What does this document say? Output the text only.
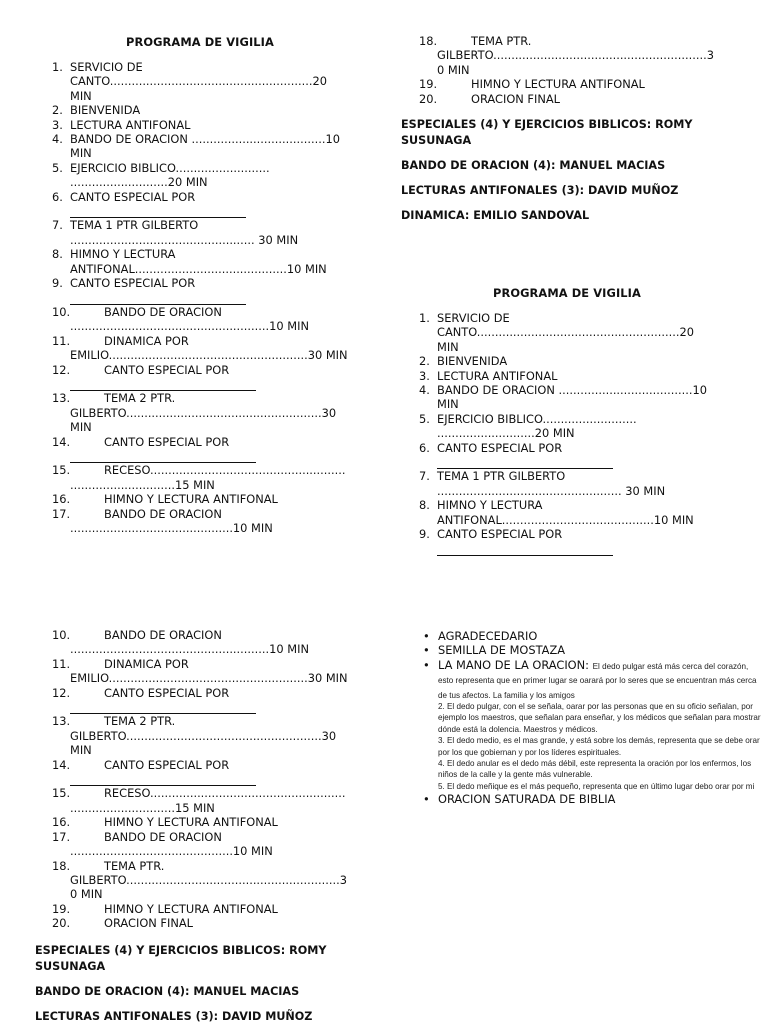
PROGRAMA DE VIGILIA
1. SERVICIO DE
CANTO........................................................20
MIN
2. BIENVENIDA
3. LECTURA ANTIFONAL
4. BANDO DE ORACION .....................................10
MIN
5. EJERCICIO BIBLICO..........................
...........................20 MIN
6. CANTO ESPECIAL POR

7. TEMA 1 PTR GILBERTO
................................................... 30 MIN
8. HIMNO Y LECTURA
ANTIFONAL..........................................10 MIN
9. CANTO ESPECIAL POR

10.	BANDO DE ORACION
.......................................................10 MIN
11.	DINAMICA POR
EMILIO.......................................................30 MIN
12.	CANTO ESPECIAL POR

13.	TEMA 2 PTR.
GILBERTO......................................................30
MIN
14.	CANTO ESPECIAL POR

15.	RECESO......................................................
.............................15 MIN
16.	HIMNO Y LECTURA ANTIFONAL
17.	BANDO DE ORACION
.............................................10 MIN
18.	TEMA PTR.
GILBERTO...........................................................3
0 MIN
19.	HIMNO Y LECTURA ANTIFONAL
20.	ORACION FINAL

ESPECIALES (4) Y EJERCICIOS BIBLICOS: ROMY SUSUNAGA

BANDO DE ORACION (4): MANUEL MACIAS

LECTURAS ANTIFONALES (3): DAVID MUÑOZ

DINAMICA: EMILIO SANDOVAL

PROGRAMA DE VIGILIA
1. SERVICIO DE
CANTO........................................................20
MIN
2. BIENVENIDA
3. LECTURA ANTIFONAL
4. BANDO DE ORACION .....................................10
MIN
5. EJERCICIO BIBLICO..........................
...........................20 MIN
6. CANTO ESPECIAL POR

7. TEMA 1 PTR GILBERTO
................................................... 30 MIN
8. HIMNO Y LECTURA
ANTIFONAL..........................................10 MIN
9. CANTO ESPECIAL POR

10.	BANDO DE ORACION
.......................................................10 MIN
11.	DINAMICA POR
EMILIO.......................................................30 MIN
12.	CANTO ESPECIAL POR

13.	TEMA 2 PTR.
GILBERTO......................................................30
MIN
14.	CANTO ESPECIAL POR

15.	RECESO......................................................
.............................15 MIN
16.	HIMNO Y LECTURA ANTIFONAL
17.	BANDO DE ORACION
.............................................10 MIN
18.	TEMA PTR.
GILBERTO...........................................................3
0 MIN
19.	HIMNO Y LECTURA ANTIFONAL
20.	ORACION FINAL

ESPECIALES (4) Y EJERCICIOS BIBLICOS: ROMY SUSUNAGA

BANDO DE ORACION (4): MANUEL MACIAS

LECTURAS ANTIFONALES (3): DAVID MUÑOZ

• AGRADECEDARIO
• SEMILLA DE MOSTAZA
• LA MANO DE LA ORACION: El dedo pulgar está más cerca del corazón, esto representa que en primer lugar se oarará por lo seres que se encuentran más cerca de tus afectos. La familia y los amigos
2. El dedo pulgar, con el se señala, oarar por las personas que en su oficio señalan, por ejemplo los maestros, que señalan para enseñar, y los médicos que señalan para mostrar dónde está la dolencia. Maestros y médicos.
3. El dedo medio, es el mas grande, y está sobre los demás, representa que se debe orar por los que gobiernan y por los líderes espirituales.
4. El dedo anular es el dedo más débil, este representa la oración por los enfermos, los niños de la calle y la gente más vulnerable.
5. El dedo meñique es el más pequeño, representa que en último lugar debo orar por mi
• ORACION SATURADA DE BIBLIA
